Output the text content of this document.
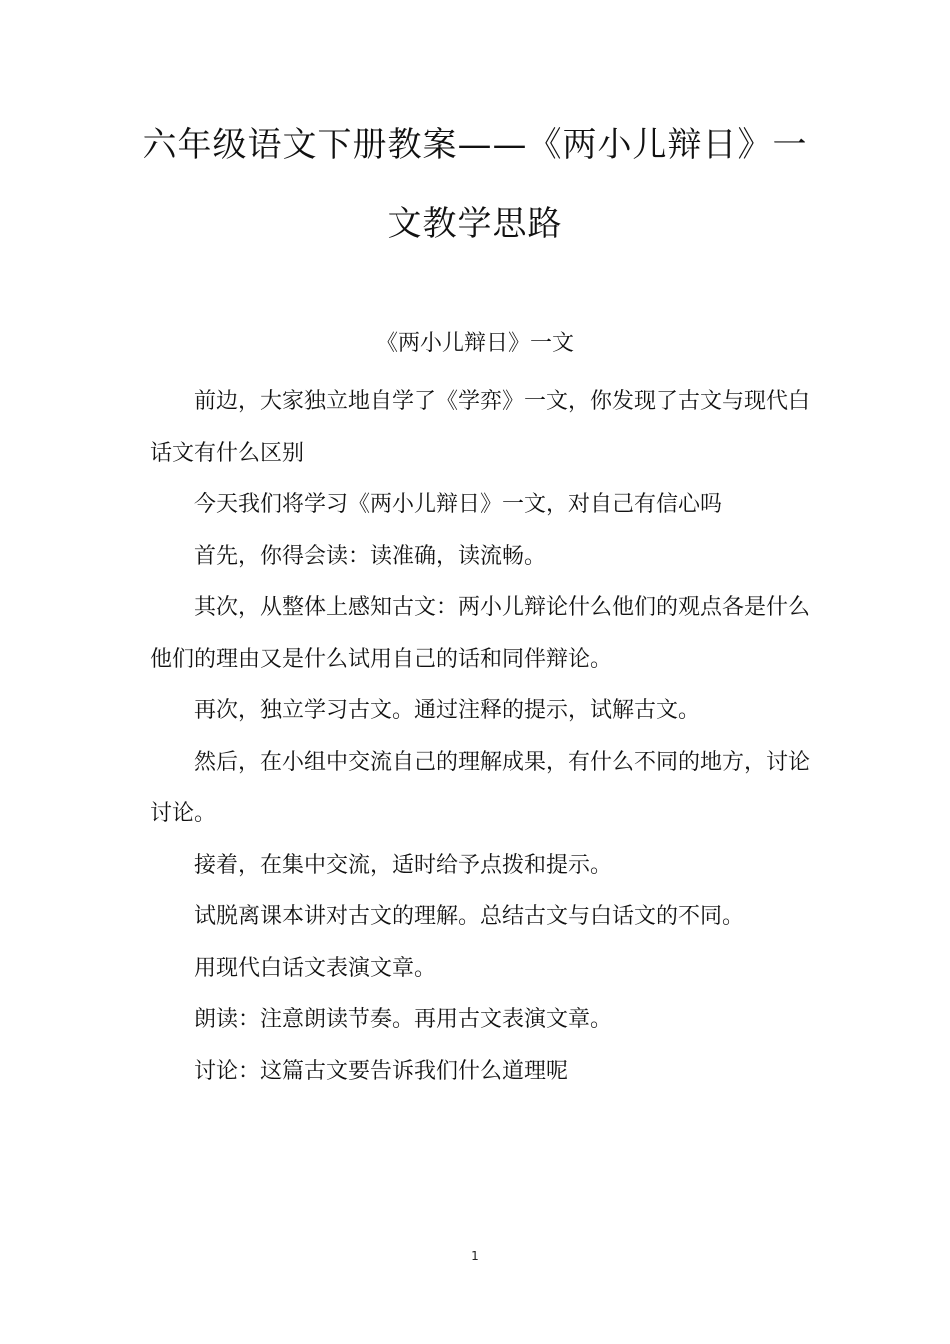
六年级语文下册教案——《两小儿辩日》一
文教学思路
《两小儿辩日》一文

前边，大家独立地自学了《学弈》一文，你发现了古文与现代白话文有什么区别

今天我们将学习《两小儿辩日》一文，对自己有信心吗

首先，你得会读：读准确，读流畅。

其次，从整体上感知古文：两小儿辩论什么他们的观点各是什么他们的理由又是什么试用自己的话和同伴辩论。

再次，独立学习古文。通过注释的提示，试解古文。

然后，在小组中交流自己的理解成果，有什么不同的地方，讨论讨论。

接着，在集中交流，适时给予点拨和提示。

试脱离课本讲对古文的理解。总结古文与白话文的不同。

用现代白话文表演文章。

朗读：注意朗读节奏。再用古文表演文章。

讨论：这篇古文要告诉我们什么道理呢

1
